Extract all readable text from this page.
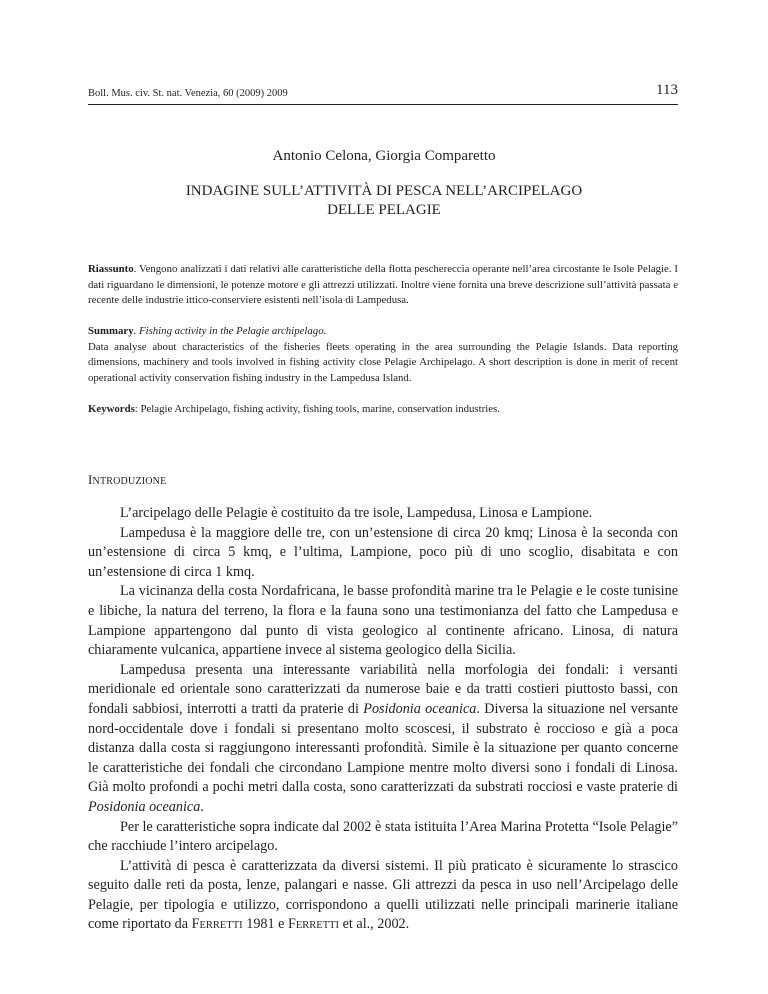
Boll. Mus. civ. St. nat. Venezia, 60 (2009) 2009	113
Antonio Celona, Giorgia Comparetto
INDAGINE SULL’ATTIVITÀ DI PESCA NELL’ARCIPELAGO
DELLE PELAGIE
Riassunto. Vengono analizzati i dati relativi alle caratteristiche della flotta peschereccia operante nell’area circostante le Isole Pelagie. I dati riguardano le dimensioni, le potenze motore e gli attrezzi utilizzati. Inoltre viene fornita una breve descrizione sull’attività passata e recente delle industrie ittico-conserviere esistenti nell’isola di Lampedusa.
Summary. Fishing activity in the Pelagie archipelago.
Data analyse about characteristics of the fisheries fleets operating in the area surrounding the Pelagie Islands. Data reporting dimensions, machinery and tools involved in fishing activity close Pelagie Archipelago. A short description is done in merit of recent operational activity conservation fishing industry in the Lampedusa Island.
Keywords: Pelagie Archipelago, fishing activity, fishing tools, marine, conservation industries.
INTRODUZIONE

L’arcipelago delle Pelagie è costituito da tre isole, Lampedusa, Linosa e Lampione.

Lampedusa è la maggiore delle tre, con un’estensione di circa 20 kmq; Linosa è la seconda con un’estensione di circa 5 kmq, e l’ultima, Lampione, poco più di uno scoglio, disabitata e con un’estensione di circa 1 kmq.

La vicinanza della costa Nordafricana, le basse profondità marine tra le Pelagie e le coste tunisine e libiche, la natura del terreno, la flora e la fauna sono una testimonianza del fatto che Lampedusa e Lampione appartengono dal punto di vista geologico al continente africano. Linosa, di natura chiaramente vulcanica, appartiene invece al sistema geologico della Sicilia.

Lampedusa presenta una interessante variabilità nella morfologia dei fondali: i versanti meridionale ed orientale sono caratterizzati da numerose baie e da tratti costieri piuttosto bassi, con fondali sabbiosi, interrotti a tratti da praterie di Posidonia oceanica. Diversa la situazione nel versante nord-occidentale dove i fondali si presentano molto scoscesi, il substrato è roccioso e già a poca distanza dalla costa si raggiungono interessanti profondità. Simile è la situazione per quanto concerne le caratteristiche dei fondali che circondano Lampione mentre molto diversi sono i fondali di Linosa. Già molto profondi a pochi metri dalla costa, sono caratterizzati da substrati rocciosi e vaste praterie di Posidonia oceanica.

Per le caratteristiche sopra indicate dal 2002 è stata istituita l’Area Marina Protetta “Isole Pelagie” che racchiude l’intero arcipelago.

L’attività di pesca è caratterizzata da diversi sistemi. Il più praticato è sicuramente lo strascico seguito dalle reti da posta, lenze, palangari e nasse. Gli attrezzi da pesca in uso nell’Arcipelago delle Pelagie, per tipologia e utilizzo, corrispondono a quelli utilizzati nelle principali marinerie italiane come riportato da FERRETTI 1981 e FERRETTI et al., 2002.
